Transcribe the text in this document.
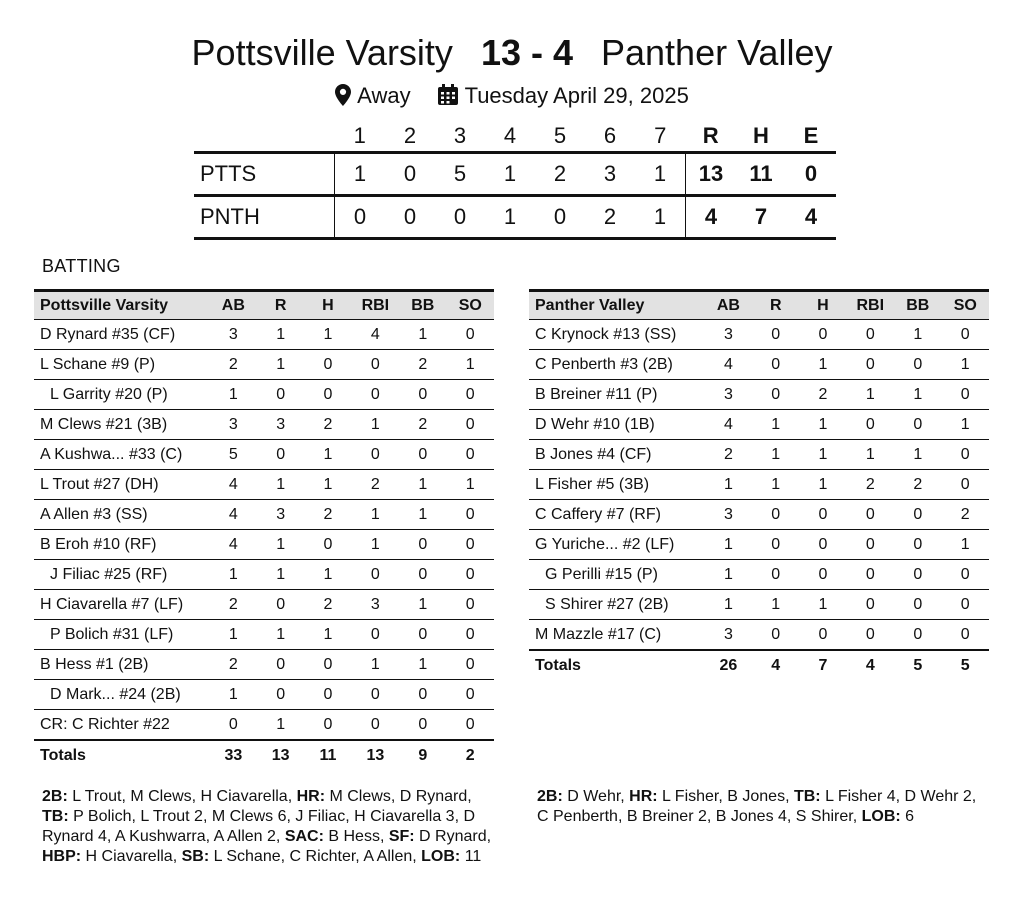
Pottsville Varsity 13 - 4 Panther Valley
Away Tuesday April 29, 2025
	1	2	3	4	5	6	7	R	H	E
PTTS	1	0	5	1	2	3	1	13	11	0
PNTH	0	0	0	1	0	2	1	4	7	4
BATTING
Pottsville Varsity	AB	R	H	RBI	BB	SO
D Rynard #35 (CF)	3	1	1	4	1	0
L Schane #9 (P)	2	1	0	0	2	1
L Garrity #20 (P)	1	0	0	0	0	0
M Clews #21 (3B)	3	3	2	1	2	0
A Kushwa... #33 (C)	5	0	1	0	0	0
L Trout #27 (DH)	4	1	1	2	1	1
A Allen #3 (SS)	4	3	2	1	1	0
B Eroh #10 (RF)	4	1	0	1	0	0
J Filiac #25 (RF)	1	1	1	0	0	0
H Ciavarella #7 (LF)	2	0	2	3	1	0
P Bolich #31 (LF)	1	1	1	0	0	0
B Hess #1 (2B)	2	0	0	1	1	0
D Mark... #24 (2B)	1	0	0	0	0	0
CR: C Richter #22	0	1	0	0	0	0
Totals	33	13	11	13	9	2
Panther Valley	AB	R	H	RBI	BB	SO
C Krynock #13 (SS)	3	0	0	0	1	0
C Penberth #3 (2B)	4	0	1	0	0	1
B Breiner #11 (P)	3	0	2	1	1	0
D Wehr #10 (1B)	4	1	1	0	0	1
B Jones #4 (CF)	2	1	1	1	1	0
L Fisher #5 (3B)	1	1	1	2	2	0
C Caffery #7 (RF)	3	0	0	0	0	2
G Yuriche... #2 (LF)	1	0	0	0	0	1
G Perilli #15 (P)	1	0	0	0	0	0
S Shirer #27 (2B)	1	1	1	0	0	0
M Mazzle #17 (C)	3	0	0	0	0	0
Totals	26	4	7	4	5	5
2B: L Trout, M Clews, H Ciavarella, HR: M Clews, D Rynard, TB: P Bolich, L Trout 2, M Clews 6, J Filiac, H Ciavarella 3, D Rynard 4, A Kushwarra, A Allen 2, SAC: B Hess, SF: D Rynard, HBP: H Ciavarella, SB: L Schane, C Richter, A Allen, LOB: 11
2B: D Wehr, HR: L Fisher, B Jones, TB: L Fisher 4, D Wehr 2, C Penberth, B Breiner 2, B Jones 4, S Shirer, LOB: 6
